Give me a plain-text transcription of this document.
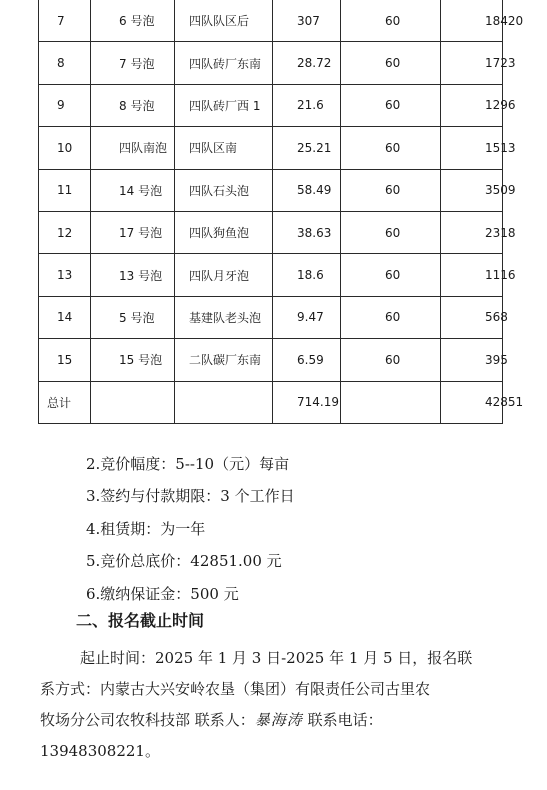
7	6 号泡	四队队区后	307	60	18420
8	7 号泡	四队砖厂东南	28.72	60	1723
9	8 号泡	四队砖厂西 1	21.6	60	1296
10	四队南泡	四队区南	25.21	60	1513
11	14 号泡	四队石头泡	58.49	60	3509
12	17 号泡	四队狗鱼泡	38.63	60	2318
13	13 号泡	四队月牙泡	18.6	60	1116
14	5 号泡	基建队老头泡	9.47	60	568
15	15 号泡	二队碳厂东南	6.59	60	395
总计			714.19		42851
2.竞价幅度：5--10（元）每亩
3.签约与付款期限：3 个工作日
4.租赁期：为一年
5.竞价总底价：42851.00 元
6.缴纳保证金：500 元
二、报名截止时间
起止时间：2025 年 1 月 3 日-2025 年 1 月 5 日，报名联
系方式：内蒙古大兴安岭农垦（集团）有限责任公司古里农
牧场分公司农牧科技部 联系人：暴海涛 联系电话：
13948308221。
